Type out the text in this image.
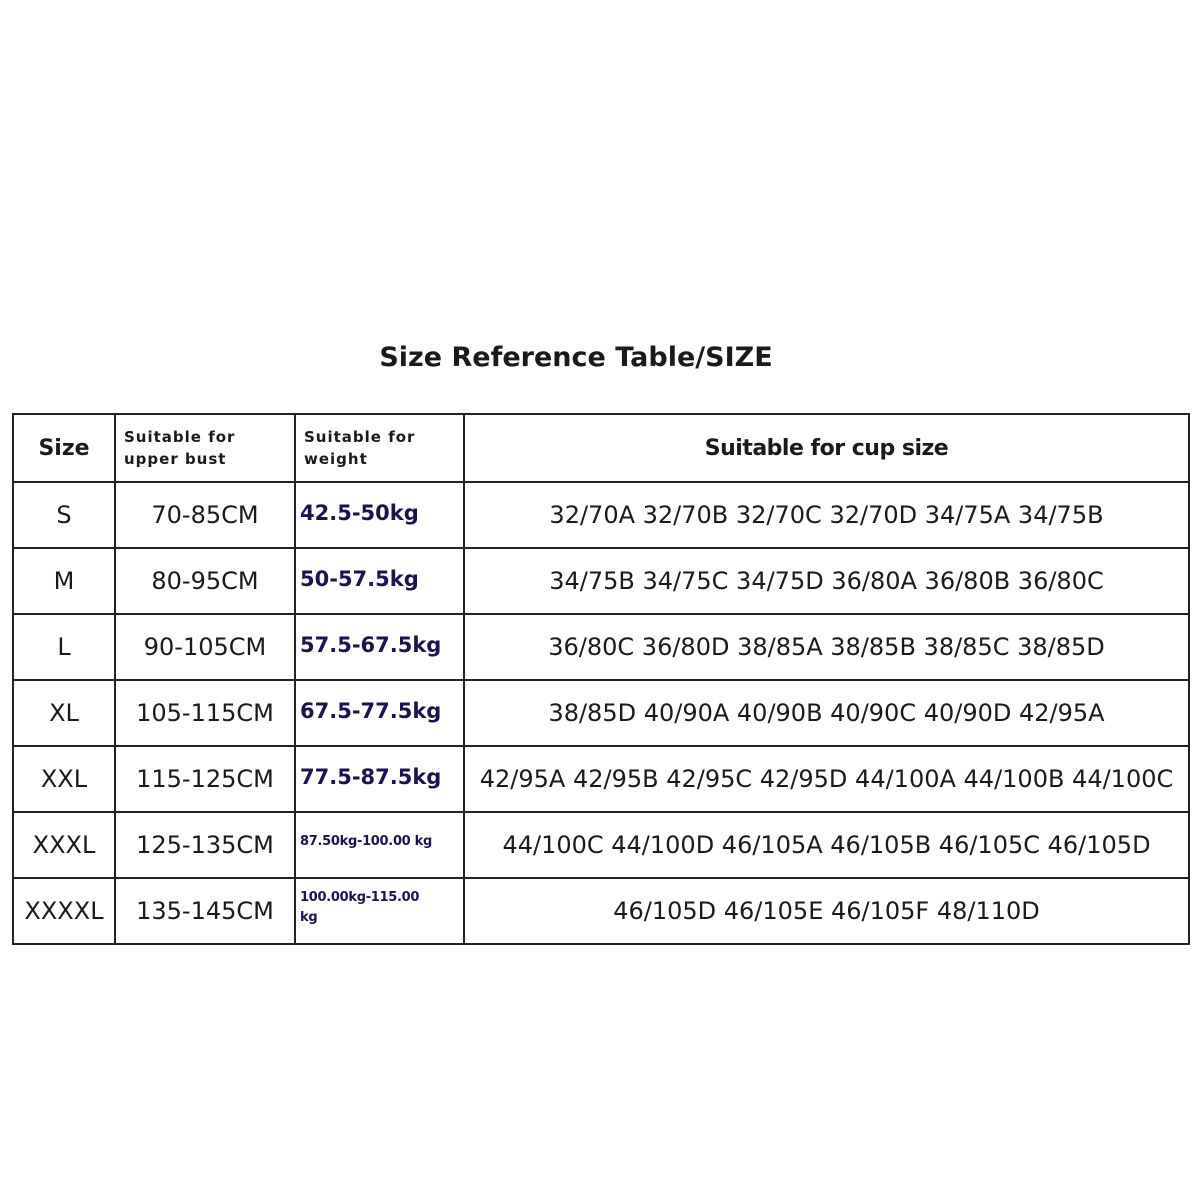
Size Reference Table/SIZE
Size	Suitable for upper bust	Suitable for weight	Suitable for cup size
S	70-85CM	42.5-50kg	32/70A 32/70B 32/70C 32/70D 34/75A 34/75B
M	80-95CM	50-57.5kg	34/75B 34/75C 34/75D 36/80A 36/80B 36/80C
L	90-105CM	57.5-67.5kg	36/80C 36/80D 38/85A 38/85B 38/85C 38/85D
XL	105-115CM	67.5-77.5kg	38/85D 40/90A 40/90B 40/90C 40/90D 42/95A
XXL	115-125CM	77.5-87.5kg	42/95A 42/95B 42/95C 42/95D 44/100A 44/100B 44/100C
XXXL	125-135CM	87.50kg-100.00 kg	44/100C 44/100D 46/105A 46/105B 46/105C 46/105D
XXXXL	135-145CM	100.00kg-115.00 kg	46/105D 46/105E 46/105F 48/110D
